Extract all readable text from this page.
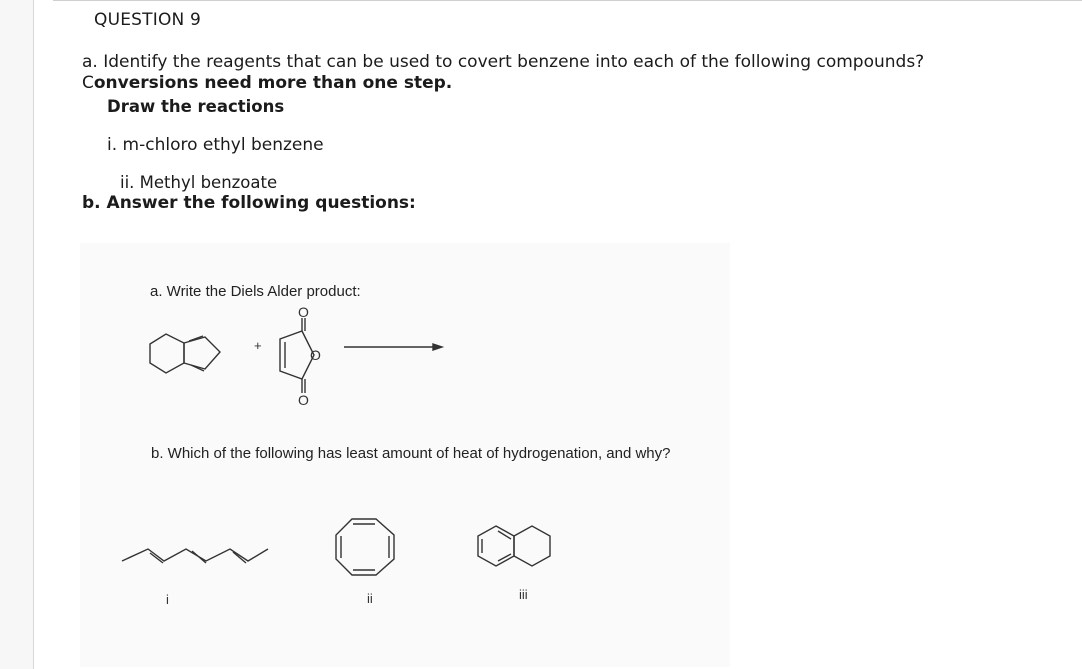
QUESTION 9
a. Identify the reagents that can be used to covert benzene into each of the following compounds? Conversions need more than one step.
Draw the reactions
i. m-chloro ethyl benzene
ii. Methyl benzoate
b. Answer the following questions:
a. Write the Diels Alder product:
+
O
O
O
b. Which of the following has least amount of heat of hydrogenation, and why?
i	ii	iii
